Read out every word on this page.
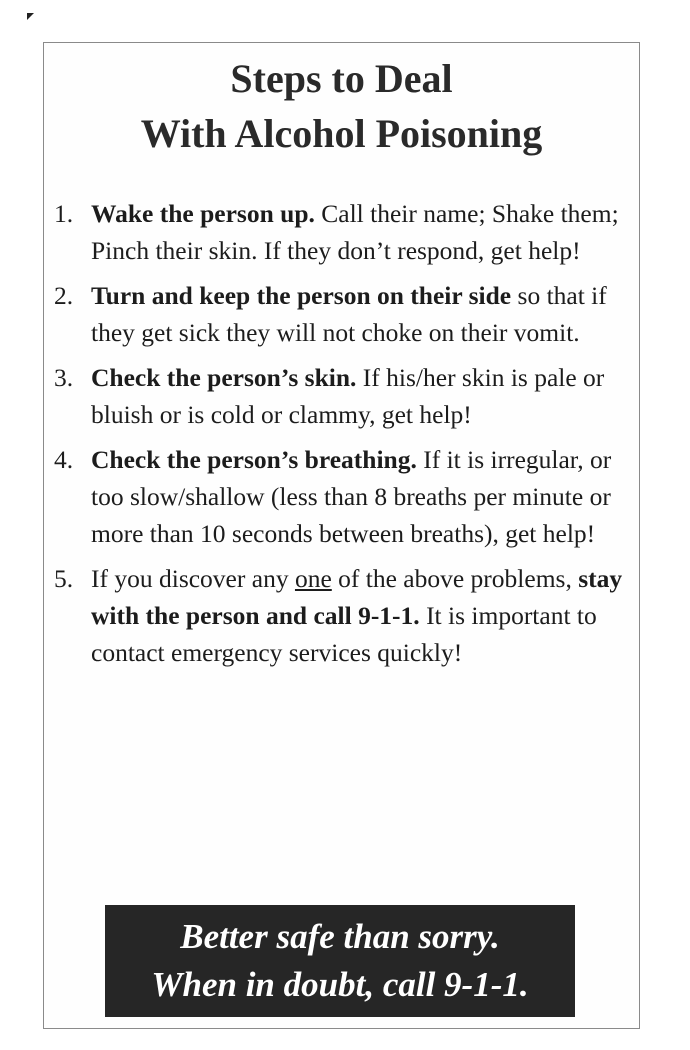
Steps to Deal
With Alcohol Poisoning
1. Wake the person up. Call their name; Shake them; Pinch their skin. If they don’t respond, get help!
2. Turn and keep the person on their side so that if they get sick they will not choke on their vomit.
3. Check the person’s skin. If his/her skin is pale or bluish or is cold or clammy, get help!
4. Check the person’s breathing. If it is irregular, or too slow/shallow (less than 8 breaths per minute or more than 10 seconds between breaths), get help!
5. If you discover any one of the above problems, stay with the person and call 9-1-1. It is important to contact emergency services quickly!
Better safe than sorry.
When in doubt, call 9-1-1.
